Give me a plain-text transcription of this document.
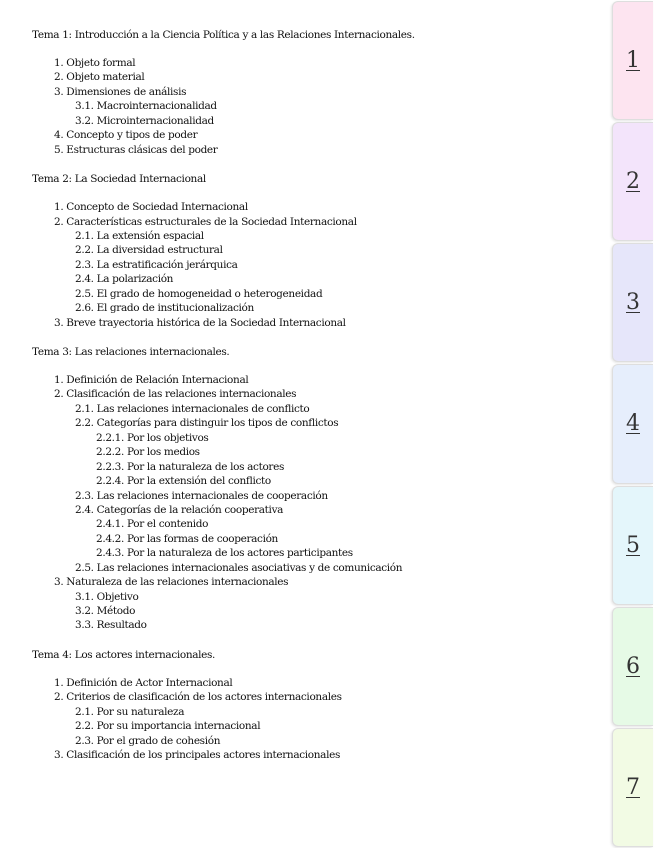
Tema 1: Introducción a la Ciencia Política y a las Relaciones Internacionales.
1. Objeto formal
2. Objeto material
3. Dimensiones de análisis
3.1. Macrointernacionalidad
3.2. Microinternacionalidad
4. Concepto y tipos de poder
5. Estructuras clásicas del poder
Tema 2: La Sociedad Internacional
1. Concepto de Sociedad Internacional
2. Características estructurales de la Sociedad Internacional
2.1. La extensión espacial
2.2. La diversidad estructural
2.3. La estratificación jerárquica
2.4. La polarización
2.5. El grado de homogeneidad o heterogeneidad
2.6. El grado de institucionalización
3. Breve trayectoria histórica de la Sociedad Internacional
Tema 3: Las relaciones internacionales.
1. Definición de Relación Internacional
2. Clasificación de las relaciones internacionales
2.1. Las relaciones internacionales de conflicto
2.2. Categorías para distinguir los tipos de conflictos
2.2.1. Por los objetivos
2.2.2. Por los medios
2.2.3. Por la naturaleza de los actores
2.2.4. Por la extensión del conflicto
2.3. Las relaciones internacionales de cooperación
2.4. Categorías de la relación cooperativa
2.4.1. Por el contenido
2.4.2. Por las formas de cooperación
2.4.3. Por la naturaleza de los actores participantes
2.5. Las relaciones internacionales asociativas y de comunicación
3. Naturaleza de las relaciones internacionales
3.1. Objetivo
3.2. Método
3.3. Resultado
Tema 4: Los actores internacionales.
1. Definición de Actor Internacional
2. Criterios de clasificación de los actores internacionales
2.1. Por su naturaleza
2.2. Por su importancia internacional
2.3. Por el grado de cohesión
3. Clasificación de los principales actores internacionales
1
2
3
4
5
6
7
